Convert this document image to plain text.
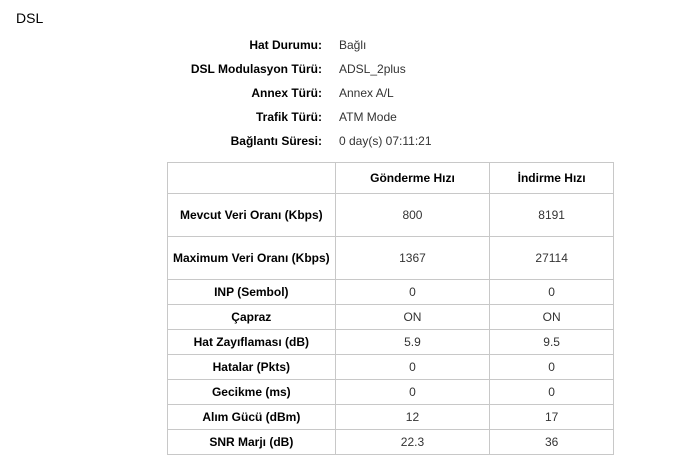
DSL
Hat Durumu: Bağlı
DSL Modulasyon Türü: ADSL_2plus
Annex Türü: Annex A/L
Trafik Türü: ATM Mode
Bağlantı Süresi: 0 day(s) 07:11:21
	Gönderme Hızı	İndirme Hızı
Mevcut Veri Oranı (Kbps)	800	8191
Maximum Veri Oranı (Kbps)	1367	27114
INP (Sembol)	0	0
Çapraz	ON	ON
Hat Zayıflaması (dB)	5.9	9.5
Hatalar (Pkts)	0	0
Gecikme (ms)	0	0
Alım Gücü (dBm)	12	17
SNR Marjı (dB)	22.3	36
